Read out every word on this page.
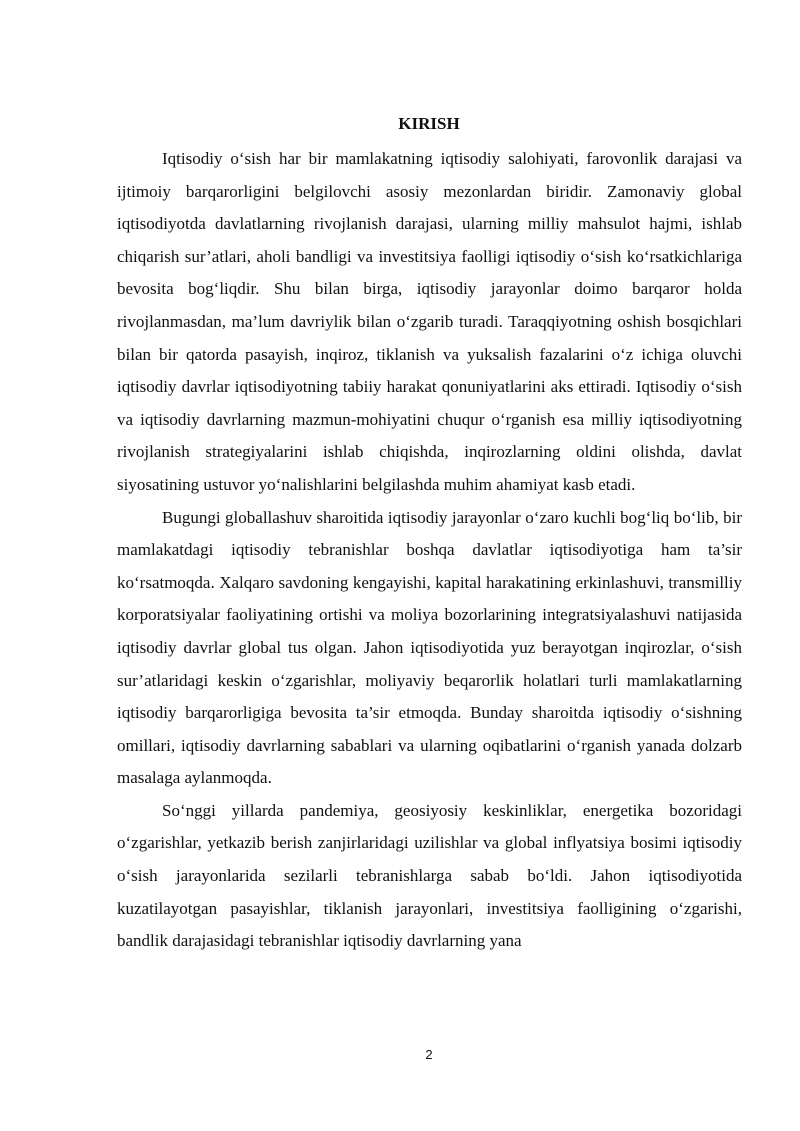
KIRISH

Iqtisodiy o‘sish har bir mamlakatning iqtisodiy salohiyati, farovonlik darajasi va ijtimoiy barqarorligini belgilovchi asosiy mezonlardan biridir. Zamonaviy global iqtisodiyotda davlatlarning rivojlanish darajasi, ularning milliy mahsulot hajmi, ishlab chiqarish sur’atlari, aholi bandligi va investitsiya faolligi iqtisodiy o‘sish ko‘rsatkichlariga bevosita bog‘liqdir. Shu bilan birga, iqtisodiy jarayonlar doimo barqaror holda rivojlanmasdan, ma’lum davriylik bilan o‘zgarib turadi. Taraqqiyotning oshish bosqichlari bilan bir qatorda pasayish, inqiroz, tiklanish va yuksalish fazalarini o‘z ichiga oluvchi iqtisodiy davrlar iqtisodiyotning tabiiy harakat qonuniyatlarini aks ettiradi. Iqtisodiy o‘sish va iqtisodiy davrlarning mazmun-mohiyatini chuqur o‘rganish esa milliy iqtisodiyotning rivojlanish strategiyalarini ishlab chiqishda, inqirozlarning oldini olishda, davlat siyosatining ustuvor yo‘nalishlarini belgilashda muhim ahamiyat kasb etadi.

Bugungi globallashuv sharoitida iqtisodiy jarayonlar o‘zaro kuchli bog‘liq bo‘lib, bir mamlakatdagi iqtisodiy tebranishlar boshqa davlatlar iqtisodiyotiga ham ta’sir ko‘rsatmoqda. Xalqaro savdoning kengayishi, kapital harakatining erkinlashuvi, transmilliy korporatsiyalar faoliyatining ortishi va moliya bozorlarining integratsiyalashuvi natijasida iqtisodiy davrlar global tus olgan. Jahon iqtisodiyotida yuz berayotgan inqirozlar, o‘sish sur’atlaridagi keskin o‘zgarishlar, moliyaviy beqarorlik holatlari turli mamlakatlarning iqtisodiy barqarorligiga bevosita ta’sir etmoqda. Bunday sharoitda iqtisodiy o‘sishning omillari, iqtisodiy davrlarning sabablari va ularning oqibatlarini o‘rganish yanada dolzarb masalaga aylanmoqda.

So‘nggi yillarda pandemiya, geosiyosiy keskinliklar, energetika bozoridagi o‘zgarishlar, yetkazib berish zanjirlaridagi uzilishlar va global inflyatsiya bosimi iqtisodiy o‘sish jarayonlarida sezilarli tebranishlarga sabab bo‘ldi. Jahon iqtisodiyotida kuzatilayotgan pasayishlar, tiklanish jarayonlari, investitsiya faolligining o‘zgarishi, bandlik darajasidagi tebranishlar iqtisodiy davrlarning yana

2
